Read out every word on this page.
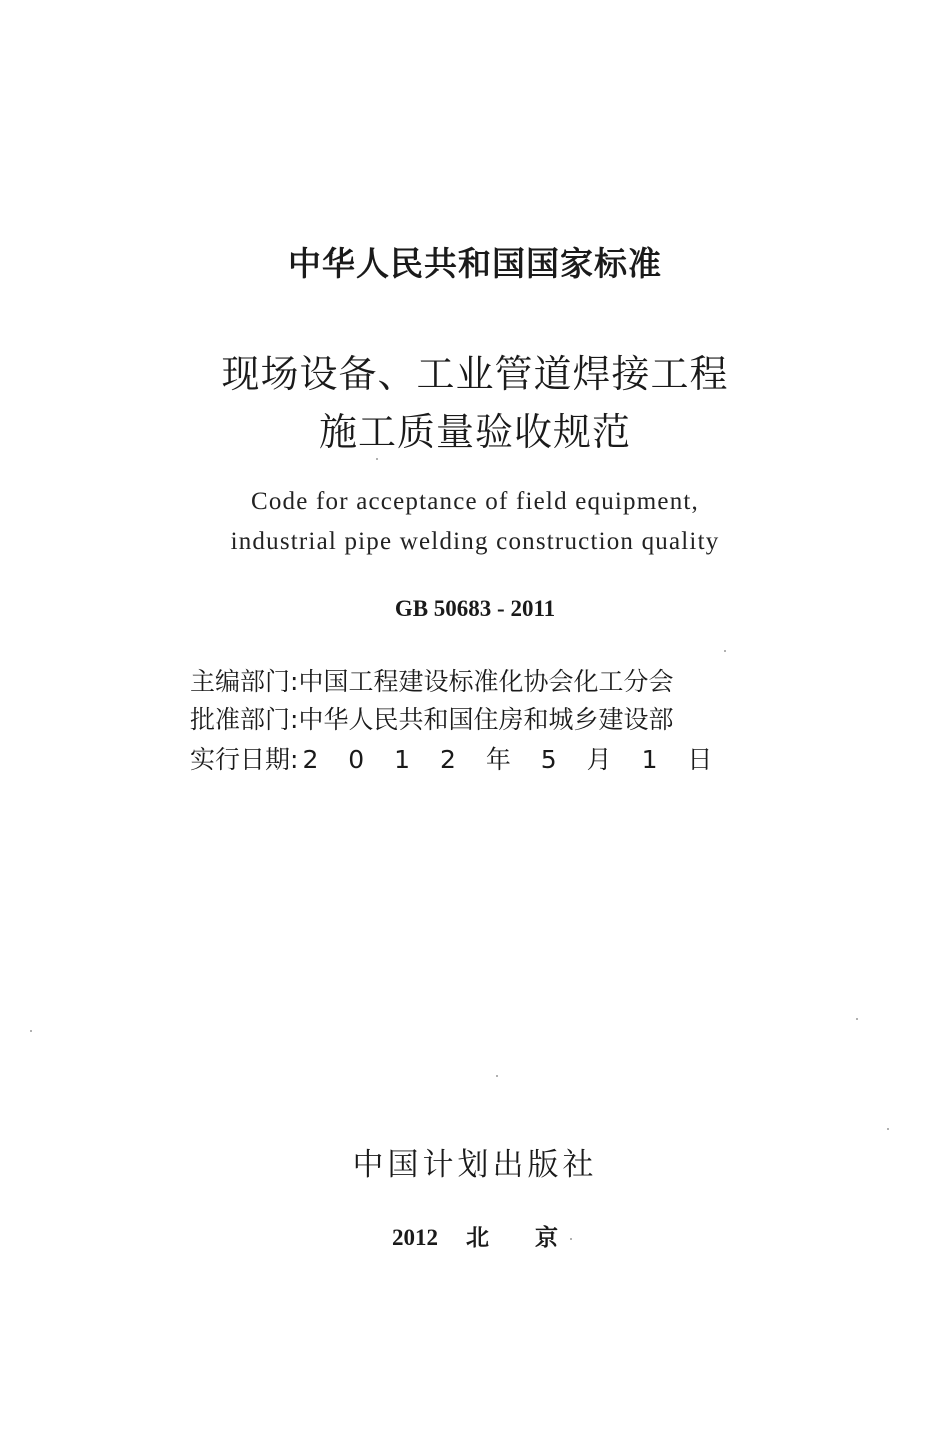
中华人民共和国国家标准
现场设备、工业管道焊接工程
施工质量验收规范
Code for acceptance of field equipment,
industrial pipe welding construction quality
GB 50683 - 2011
主编部门 : 中国工程建设标准化协会化工分会
批准部门 : 中华人民共和国住房和城乡建设部
实行日期 : 2 0 1 2 年 5 月 1 日
中国计划出版社
2012 北 京
